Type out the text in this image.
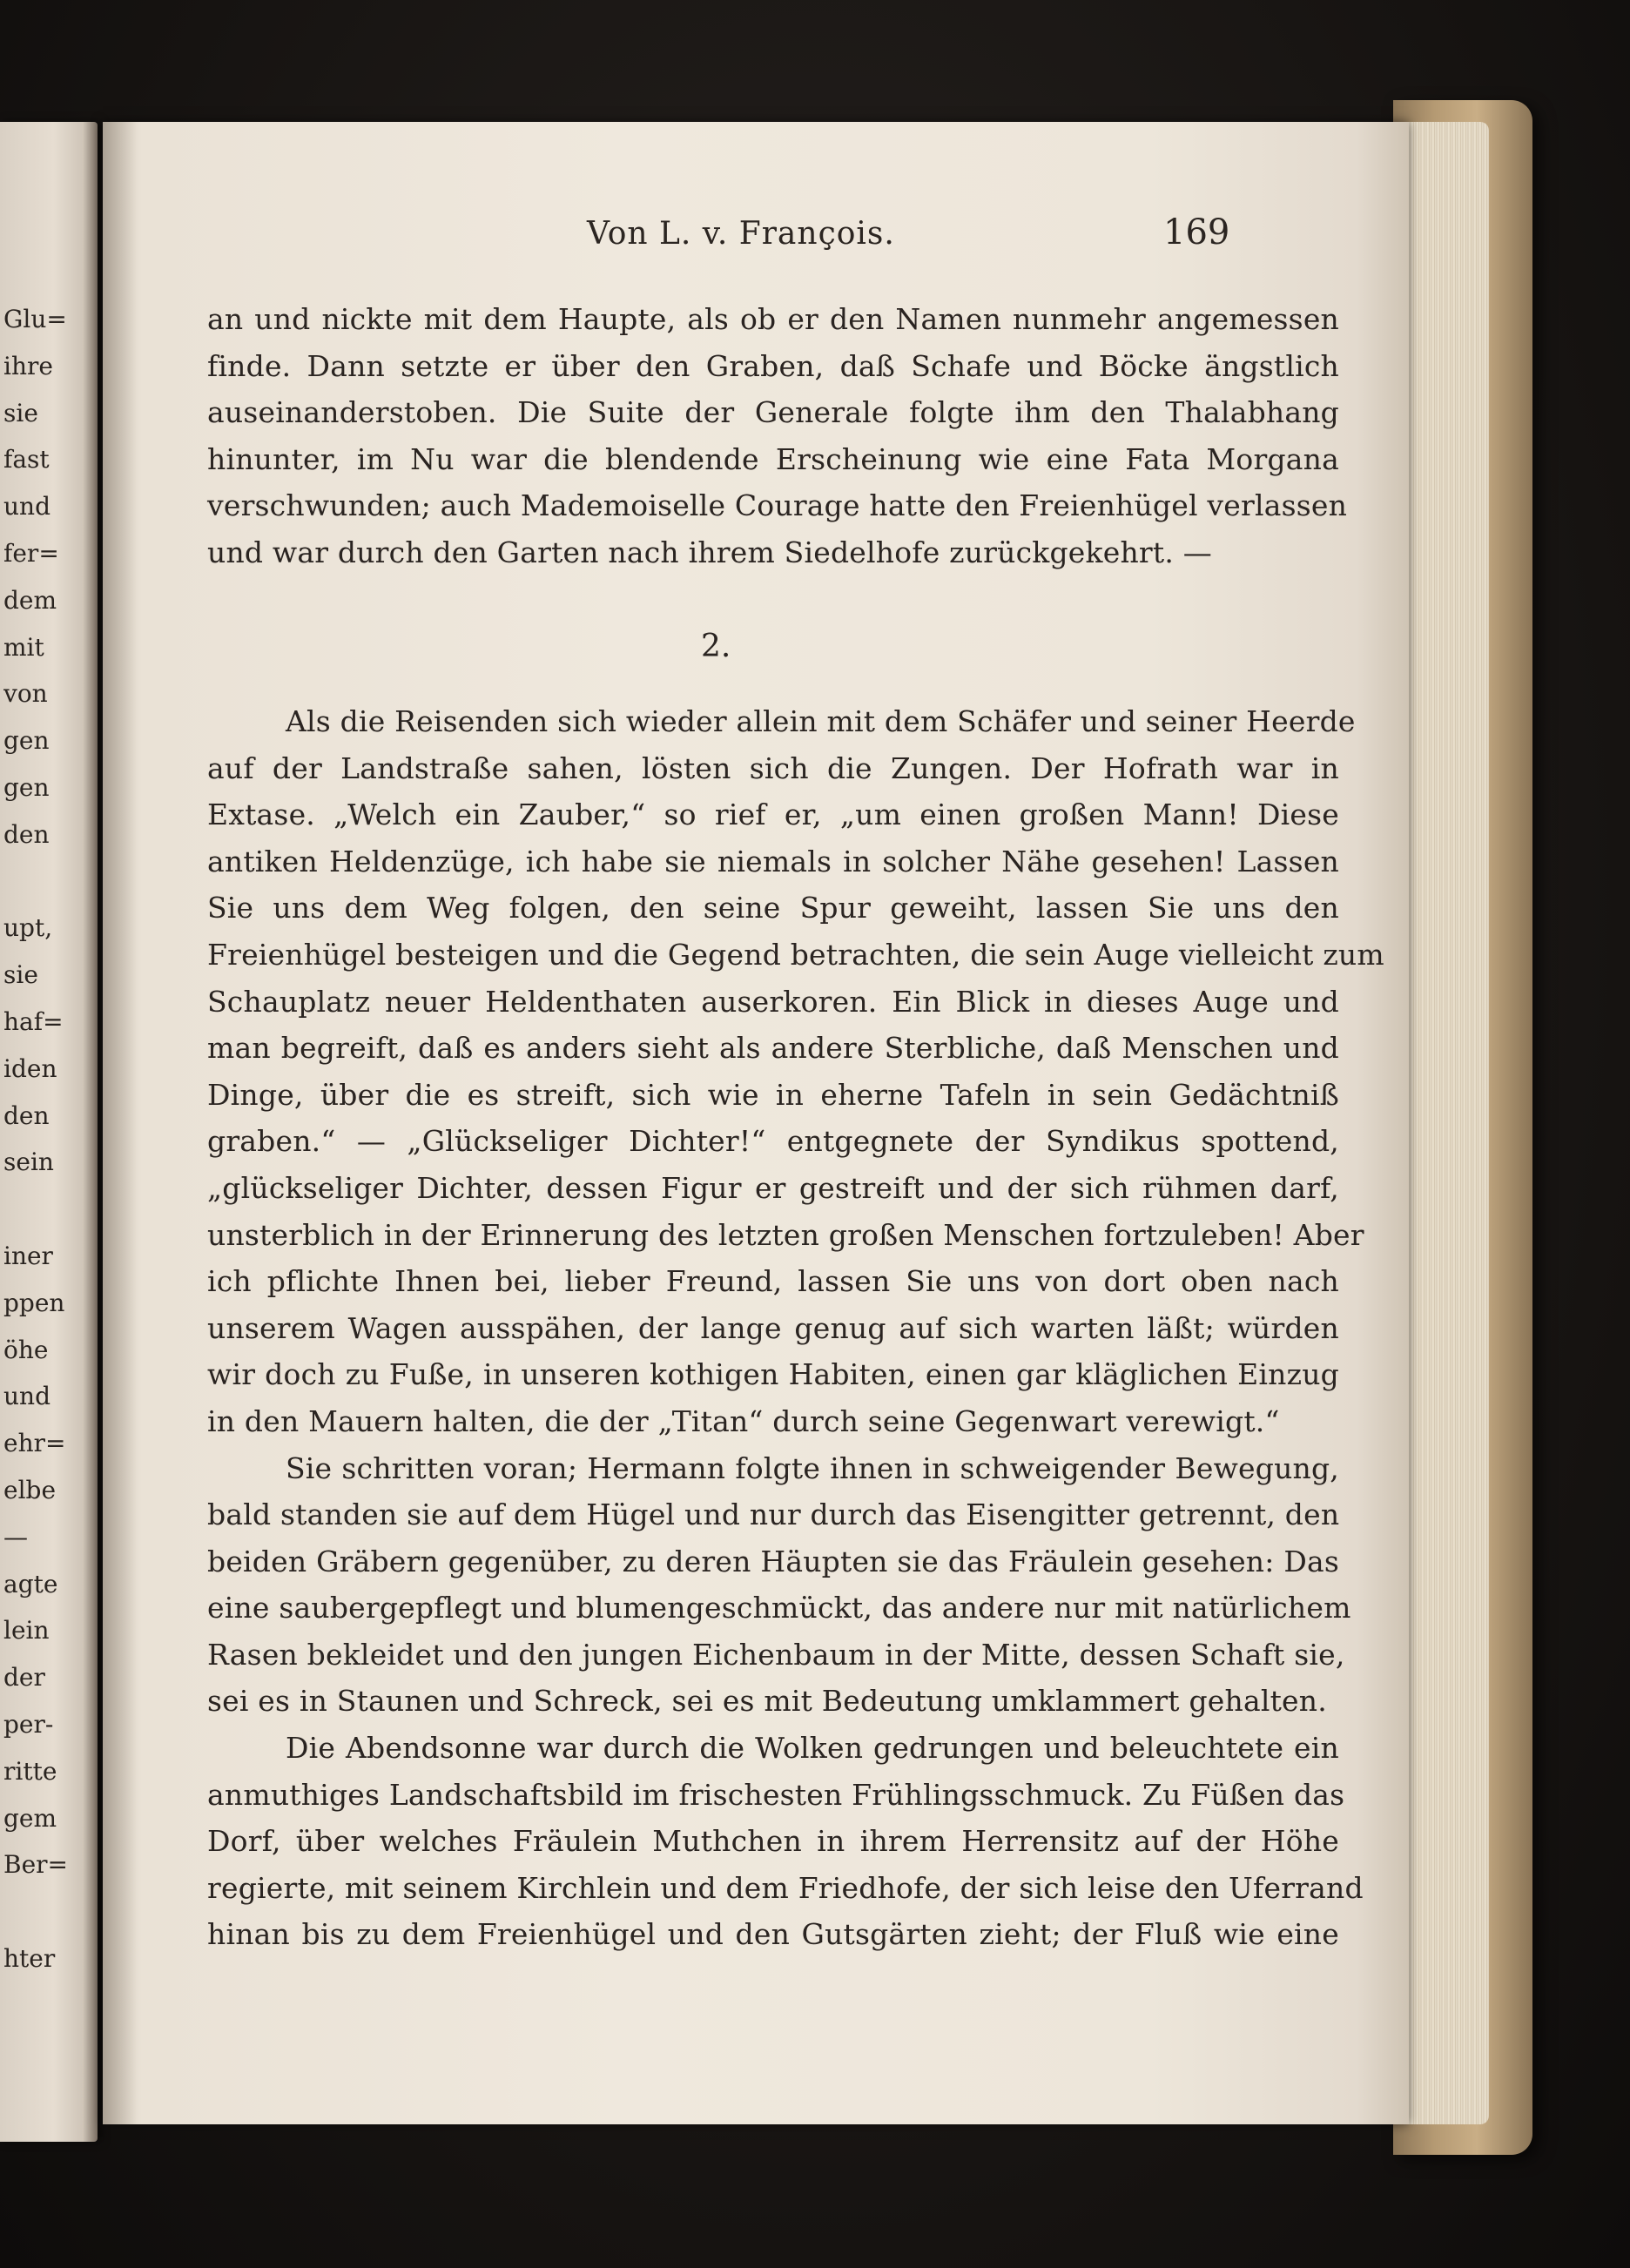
Glu=
ihre
sie
fast
und
fer=
dem
mit
von
gen
gen
den
upt,
sie
haf=
iden
den
sein
iner
ppen
öhe
und
ehr=
elbe
—
agte
lein
der
per-
ritte
gem
Ber=
hter
Von L. v. François.	169
an und nickte mit dem Haupte, als ob er den Namen nunmehr angemessen
finde. Dann setzte er über den Graben, daß Schafe und Böcke ängstlich
auseinanderstoben. Die Suite der Generale folgte ihm den Thalabhang
hinunter, im Nu war die blendende Erscheinung wie eine Fata Morgana
verschwunden; auch Mademoiselle Courage hatte den Freienhügel verlassen
und war durch den Garten nach ihrem Siedelhofe zurückgekehrt. —
2.
Als die Reisenden sich wieder allein mit dem Schäfer und seiner Heerde
auf der Landstraße sahen, lösten sich die Zungen. Der Hofrath war in
Extase. „Welch ein Zauber,“ so rief er, „um einen großen Mann! Diese
antiken Heldenzüge, ich habe sie niemals in solcher Nähe gesehen! Lassen
Sie uns dem Weg folgen, den seine Spur geweiht, lassen Sie uns den
Freienhügel besteigen und die Gegend betrachten, die sein Auge vielleicht zum
Schauplatz neuer Heldenthaten auserkoren. Ein Blick in dieses Auge und
man begreift, daß es anders sieht als andere Sterbliche, daß Menschen und
Dinge, über die es streift, sich wie in eherne Tafeln in sein Gedächtniß
graben.“ — „Glückseliger Dichter!“ entgegnete der Syndikus spottend,
„glückseliger Dichter, dessen Figur er gestreift und der sich rühmen darf,
unsterblich in der Erinnerung des letzten großen Menschen fortzuleben! Aber
ich pflichte Ihnen bei, lieber Freund, lassen Sie uns von dort oben nach
unserem Wagen ausspähen, der lange genug auf sich warten läßt; würden
wir doch zu Fuße, in unseren kothigen Habiten, einen gar kläglichen Einzug
in den Mauern halten, die der „Titan“ durch seine Gegenwart verewigt.“
Sie schritten voran; Hermann folgte ihnen in schweigender Bewegung,
bald standen sie auf dem Hügel und nur durch das Eisengitter getrennt, den
beiden Gräbern gegenüber, zu deren Häupten sie das Fräulein gesehen: Das
eine saubergepflegt und blumengeschmückt, das andere nur mit natürlichem
Rasen bekleidet und den jungen Eichenbaum in der Mitte, dessen Schaft sie,
sei es in Staunen und Schreck, sei es mit Bedeutung umklammert gehalten.
Die Abendsonne war durch die Wolken gedrungen und beleuchtete ein
anmuthiges Landschaftsbild im frischesten Frühlingsschmuck. Zu Füßen das
Dorf, über welches Fräulein Muthchen in ihrem Herrensitz auf der Höhe
regierte, mit seinem Kirchlein und dem Friedhofe, der sich leise den Uferrand
hinan bis zu dem Freienhügel und den Gutsgärten zieht; der Fluß wie eine
